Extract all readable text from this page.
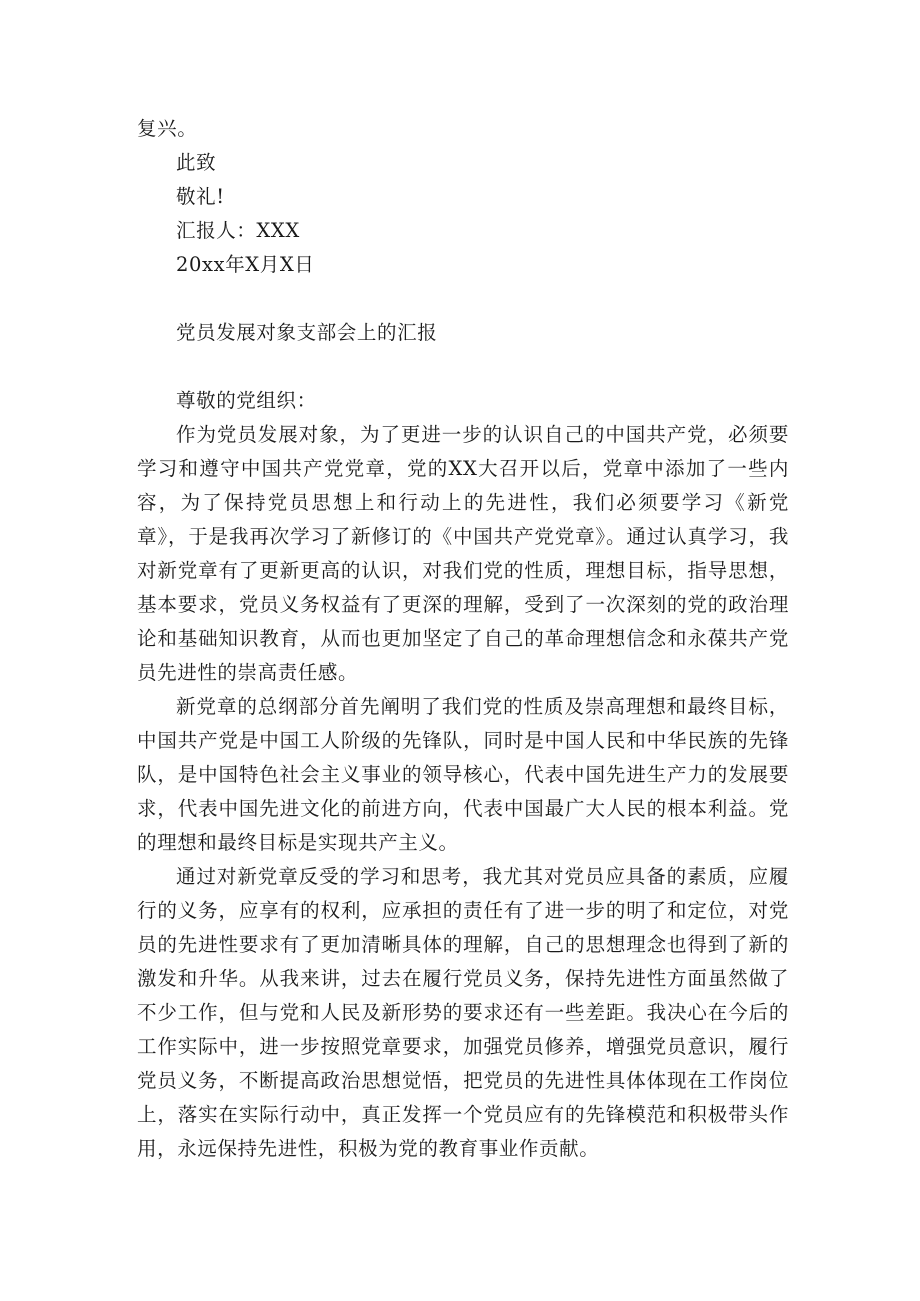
复兴。
此致
敬礼!
汇报人：XXX
20xx年X月X日
党员发展对象支部会上的汇报
尊敬的党组织：

作为党员发展对象，为了更进一步的认识自己的中国共产党，必须要学习和遵守中国共产党党章，党的XX大召开以后，党章中添加了一些内容，为了保持党员思想上和行动上的先进性，我们必须要学习《新党章》，于是我再次学习了新修订的《中国共产党党章》。通过认真学习，我对新党章有了更新更高的认识，对我们党的性质，理想目标，指导思想，基本要求，党员义务权益有了更深的理解，受到了一次深刻的党的政治理论和基础知识教育，从而也更加坚定了自己的革命理想信念和永葆共产党员先进性的崇高责任感。

新党章的总纲部分首先阐明了我们党的性质及崇高理想和最终目标，中国共产党是中国工人阶级的先锋队，同时是中国人民和中华民族的先锋队，是中国特色社会主义事业的领导核心，代表中国先进生产力的发展要求，代表中国先进文化的前进方向，代表中国最广大人民的根本利益。党的理想和最终目标是实现共产主义。

通过对新党章反受的学习和思考，我尤其对党员应具备的素质，应履行的义务，应享有的权利，应承担的责任有了进一步的明了和定位，对党员的先进性要求有了更加清晰具体的理解，自己的思想理念也得到了新的激发和升华。从我来讲，过去在履行党员义务，保持先进性方面虽然做了不少工作，但与党和人民及新形势的要求还有一些差距。我决心在今后的工作实际中，进一步按照党章要求，加强党员修养，增强党员意识，履行党员义务，不断提高政治思想觉悟，把党员的先进性具体体现在工作岗位上，落实在实际行动中，真正发挥一个党员应有的先锋模范和积极带头作用，永远保持先进性，积极为党的教育事业作贡献。
